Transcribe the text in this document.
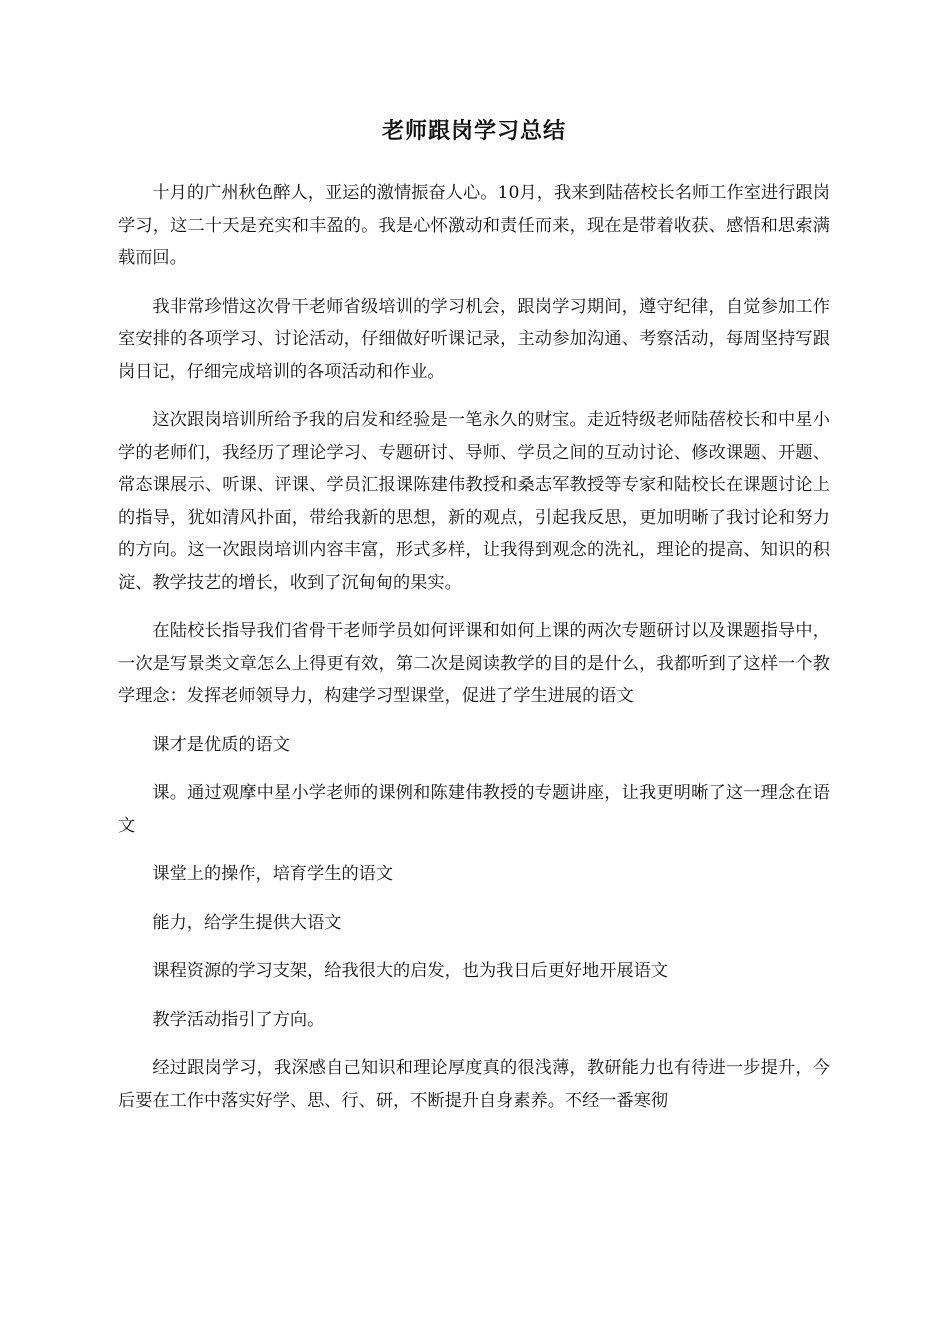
老师跟岗学习总结

十月的广州秋色醉人，亚运的激情振奋人心。10月，我来到陆蓓校长名师工作室进行跟岗学习，这二十天是充实和丰盈的。我是心怀激动和责任而来，现在是带着收获、感悟和思索满载而回。

我非常珍惜这次骨干老师省级培训的学习机会，跟岗学习期间，遵守纪律，自觉参加工作室安排的各项学习、讨论活动，仔细做好听课记录，主动参加沟通、考察活动，每周坚持写跟岗日记，仔细完成培训的各项活动和作业。

这次跟岗培训所给予我的启发和经验是一笔永久的财宝。走近特级老师陆蓓校长和中星小学的老师们，我经历了理论学习、专题研讨、导师、学员之间的互动讨论、修改课题、开题、常态课展示、听课、评课、学员汇报课陈建伟教授和桑志军教授等专家和陆校长在课题讨论上的指导，犹如清风扑面，带给我新的思想，新的观点，引起我反思，更加明晰了我讨论和努力的方向。这一次跟岗培训内容丰富，形式多样，让我得到观念的洗礼，理论的提高、知识的积淀、教学技艺的增长，收到了沉甸甸的果实。

在陆校长指导我们省骨干老师学员如何评课和如何上课的两次专题研讨以及课题指导中，一次是写景类文章怎么上得更有效，第二次是阅读教学的目的是什么，我都听到了这样一个教学理念：发挥老师领导力，构建学习型课堂，促进了学生进展的语文

课才是优质的语文

课。通过观摩中星小学老师的课例和陈建伟教授的专题讲座，让我更明晰了这一理念在语文

课堂上的操作，培育学生的语文

能力，给学生提供大语文

课程资源的学习支架，给我很大的启发，也为我日后更好地开展语文

教学活动指引了方向。

经过跟岗学习，我深感自己知识和理论厚度真的很浅薄，教研能力也有待进一步提升，今后要在工作中落实好学、思、行、研，不断提升自身素养。不经一番寒彻
